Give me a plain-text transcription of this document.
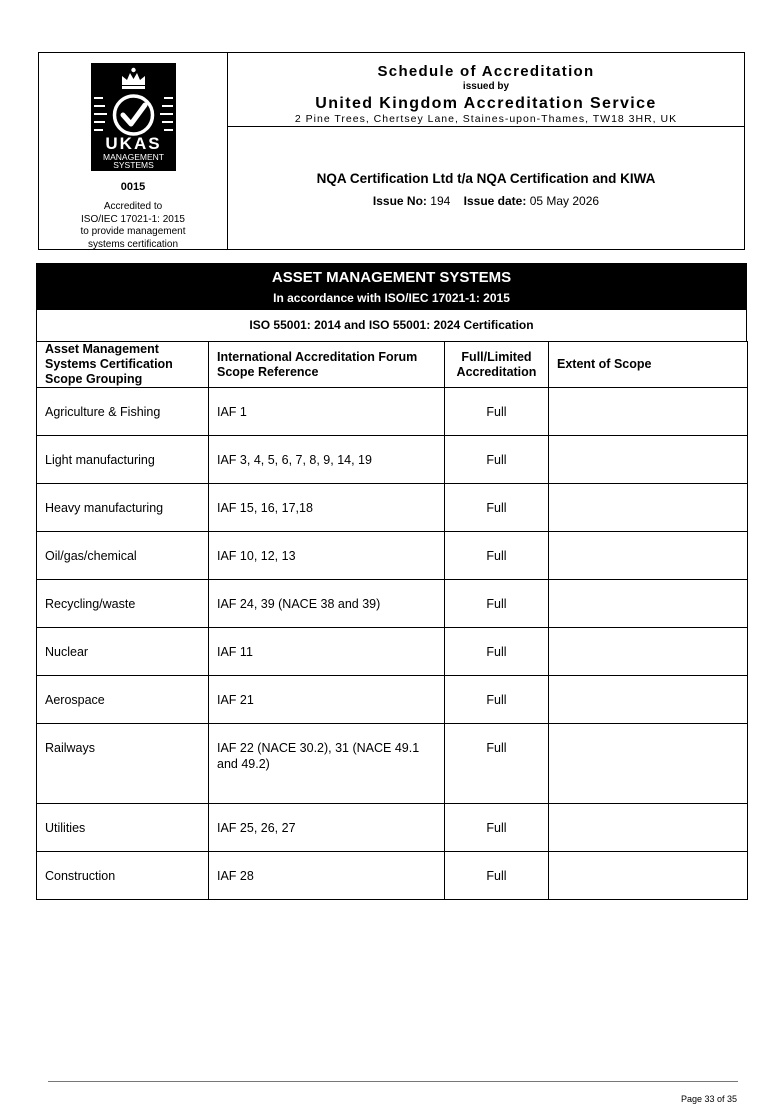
UKAS
MANAGEMENT
SYSTEMS
0015
Accredited to
ISO/IEC 17021-1: 2015
to provide management
systems certification
Schedule of Accreditation
issued by
United Kingdom Accreditation Service
2 Pine Trees, Chertsey Lane, Staines-upon-Thames, TW18 3HR, UK
NQA Certification Ltd t/a NQA Certification and KIWA
Issue No: 194 Issue date: 05 May 2026
ASSET MANAGEMENT SYSTEMS
In accordance with ISO/IEC 17021-1: 2015
ISO 55001: 2014 and ISO 55001: 2024 Certification
Asset Management Systems Certification Scope Grouping	International Accreditation Forum Scope Reference	Full/Limited Accreditation	Extent of Scope
Agriculture & Fishing	IAF 1	Full	
Light manufacturing	IAF 3, 4, 5, 6, 7, 8, 9, 14, 19	Full	
Heavy manufacturing	IAF 15, 16, 17,18	Full	
Oil/gas/chemical	IAF 10, 12, 13	Full	
Recycling/waste	IAF 24, 39 (NACE 38 and 39)	Full	
Nuclear	IAF 11	Full	
Aerospace	IAF 21	Full	
Railways	IAF 22 (NACE 30.2), 31 (NACE 49.1 and 49.2)	Full	
Utilities	IAF 25, 26, 27	Full	
Construction	IAF 28	Full	
Page 33 of 35
